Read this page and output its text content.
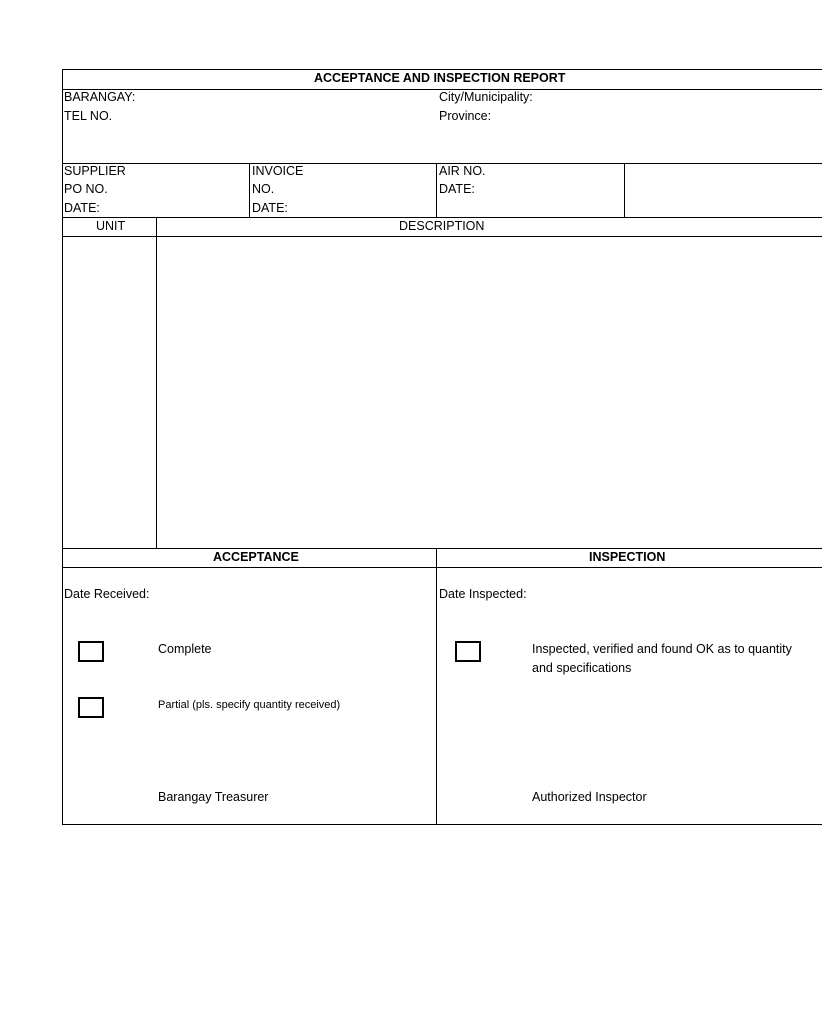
ACCEPTANCE AND INSPECTION REPORT
BARANGAY:
TEL NO.
City/Municipality:
Province:
SUPPLIER
PO NO.
DATE:
INVOICE
NO.
DATE:
AIR NO.
DATE:
UNIT	DESCRIPTION
ACCEPTANCE
Date Received:
Complete
Partial (pls. specify quantity received)
Barangay Treasurer
INSPECTION
Date Inspected:
Inspected, verified and found OK as to quantity
and specifications
Authorized Inspector
